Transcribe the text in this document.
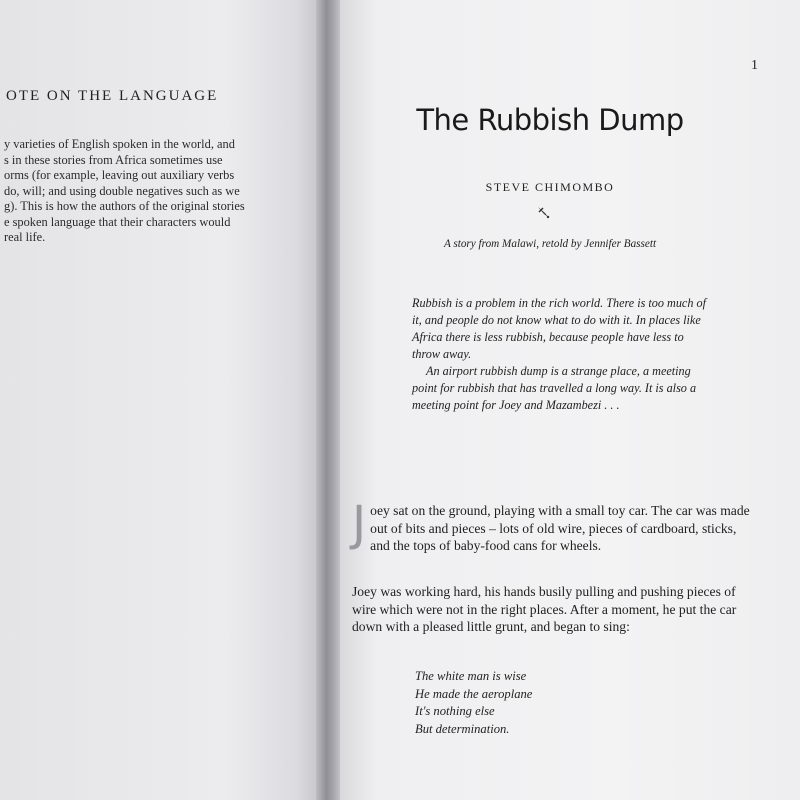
OTE ON THE LANGUAGE
y varieties of English spoken in the world, and
s in these stories from Africa sometimes use
orms (for example, leaving out auxiliary verbs
do, will; and using double negatives such as we
g). This is how the authors of the original stories
e spoken language that their characters would
real life.
1
The Rubbish Dump
STEVE CHIMOMBO
A story from Malawi, retold by Jennifer Bassett

Rubbish is a problem in the rich world. There is too much of it, and people do not know what to do with it. In places like Africa there is less rubbish, because people have less to throw away.

An airport rubbish dump is a strange place, a meeting point for rubbish that has travelled a long way. It is also a meeting point for Joey and Mazambezi . . .

J oey sat on the ground, playing with a small toy car. The car was made out of bits and pieces – lots of old wire, pieces of cardboard, sticks, and the tops of baby-food cans for wheels.

Joey was working hard, his hands busily pulling and pushing pieces of wire which were not in the right places. After a moment, he put the car down with a pleased little grunt, and began to sing:

The white man is wise
He made the aeroplane
It's nothing else
But determination.
